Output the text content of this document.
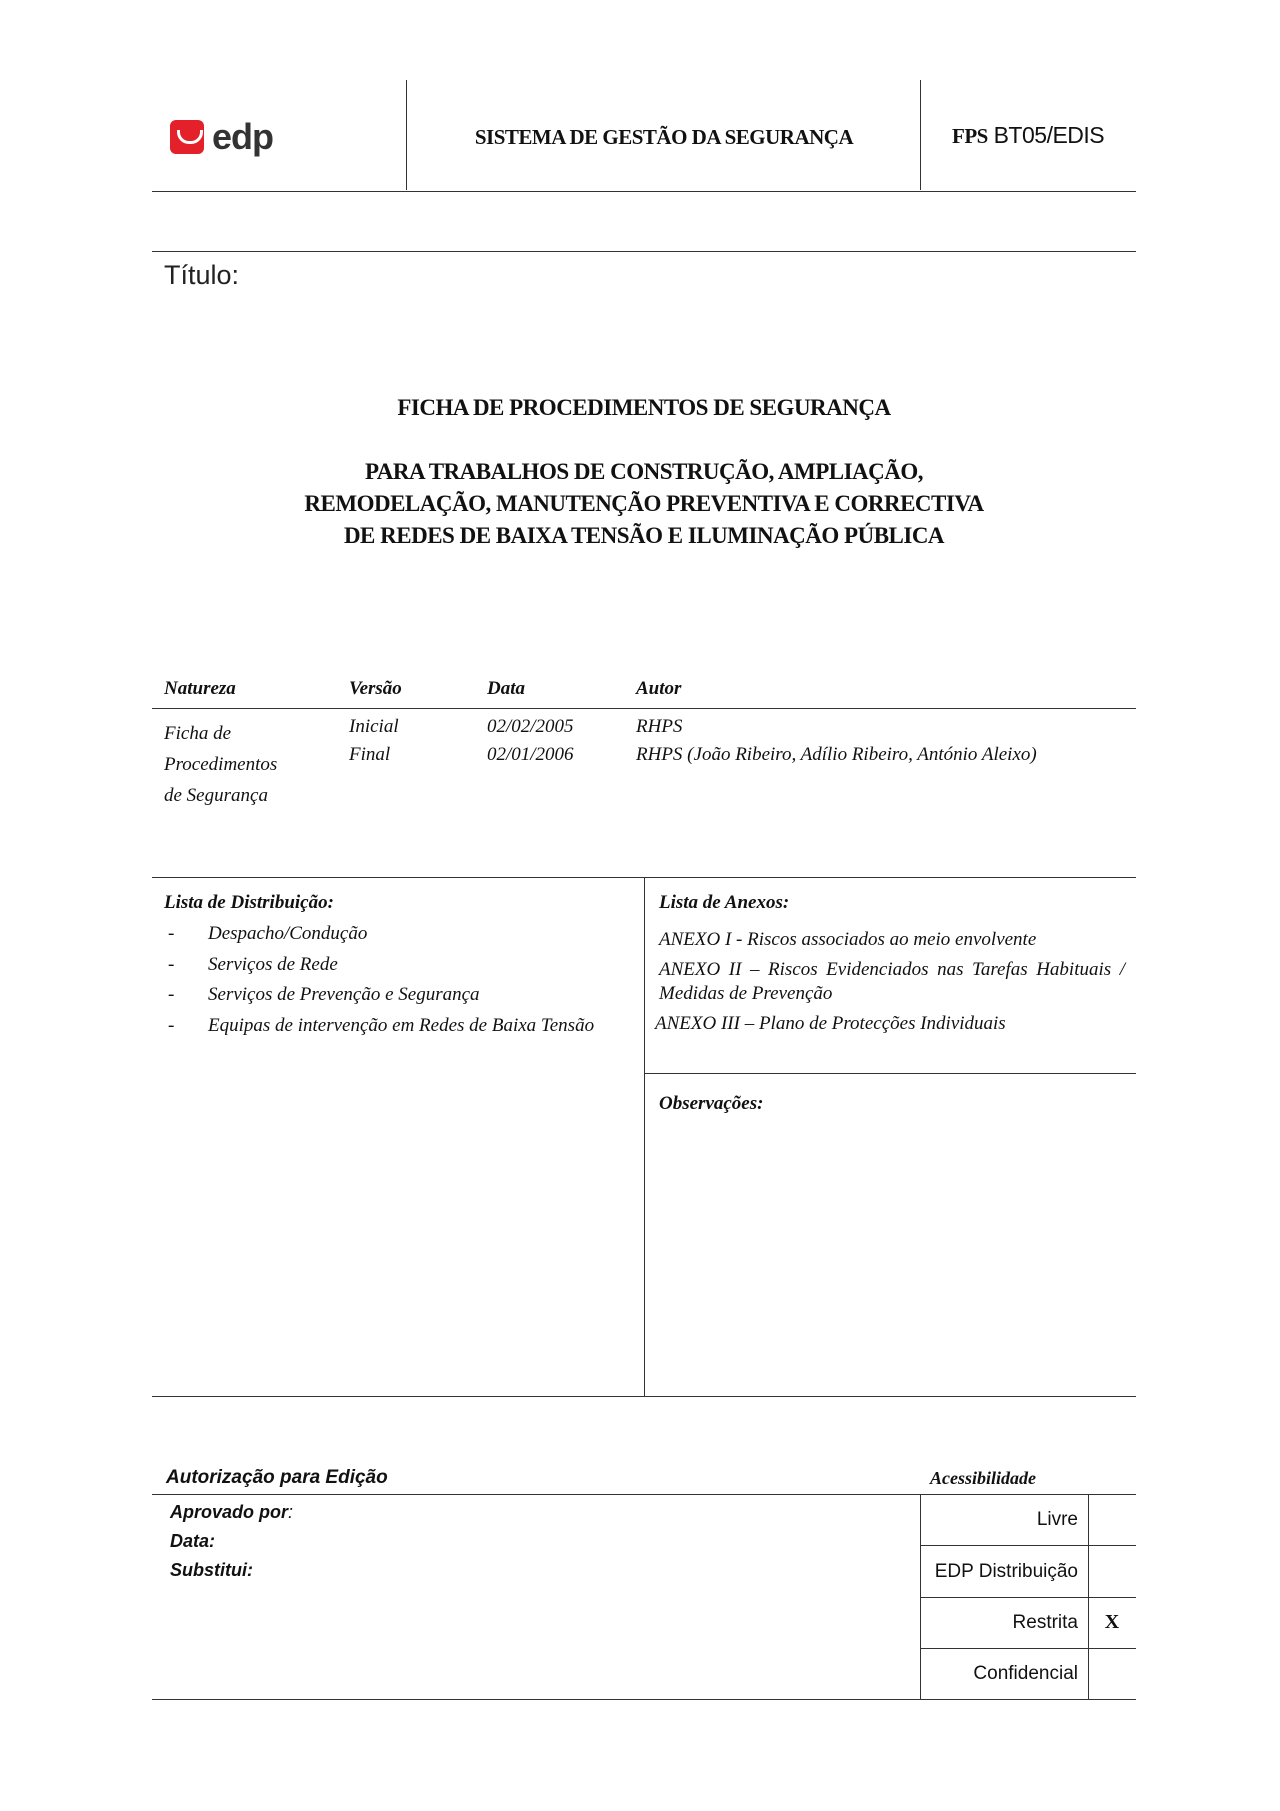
edp	SISTEMA DE GESTÃO DA SEGURANÇA	FPS BT05/EDIS
Título:
FICHA DE PROCEDIMENTOS DE SEGURANÇA
PARA TRABALHOS DE CONSTRUÇÃO, AMPLIAÇÃO,
REMODELAÇÃO, MANUTENÇÃO PREVENTIVA E CORRECTIVA
DE REDES DE BAIXA TENSÃO E ILUMINAÇÃO PÚBLICA
Natureza	Versão	Data	Autor
Ficha de
Procedimentos
de Segurança
Inicial	02/02/2005	RHPS
Final	02/01/2006	RHPS (João Ribeiro, Adílio Ribeiro, António Aleixo)
Lista de Distribuição:
- Despacho/Condução
- Serviços de Rede
- Serviços de Prevenção e Segurança
- Equipas de intervenção em Redes de Baixa Tensão
Lista de Anexos:
ANEXO I - Riscos associados ao meio envolvente
ANEXO II – Riscos Evidenciados nas Tarefas Habituais / Medidas de Prevenção
ANEXO III – Plano de Protecções Individuais
Observações:
Autorização para Edição	Acessibilidade
Aprovado por:
Data:
Substitui:
Livre
EDP Distribuição
Restrita	X
Confidencial
